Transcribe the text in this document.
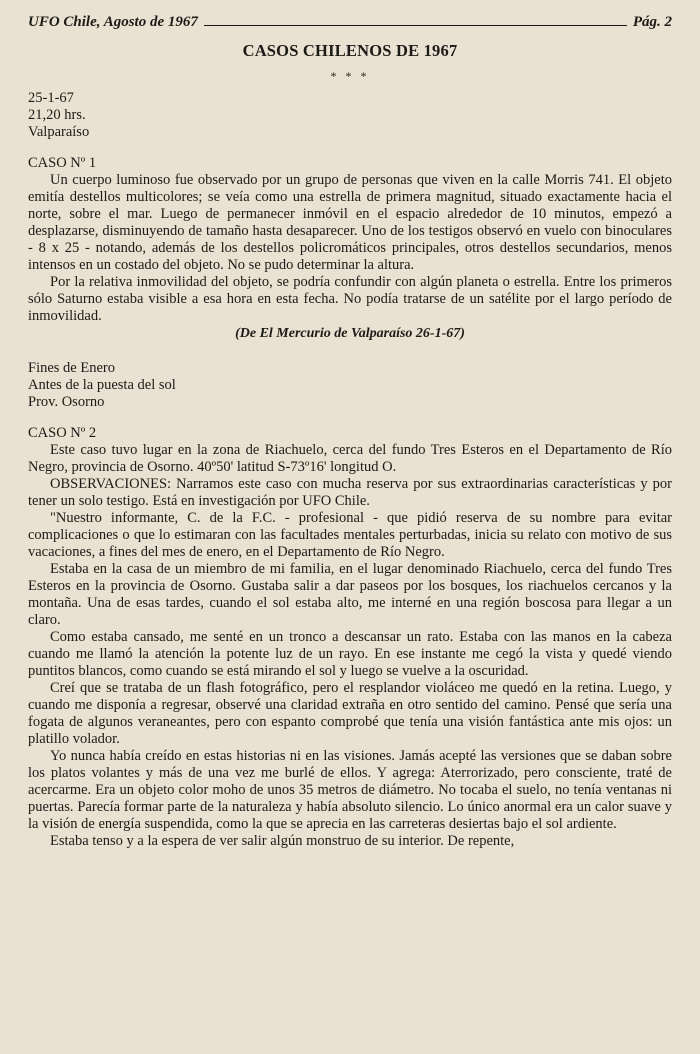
UFO Chile, Agosto de 1967	Pág. 2
CASOS CHILENOS DE 1967
* * *
25-1-67
21,20 hrs.
Valparaíso
CASO Nº 1

Un cuerpo luminoso fue observado por un grupo de personas que viven en la calle Morris 741. El objeto emitía destellos multicolores; se veía como una estrella de primera magnitud, situado exactamente hacia el norte, sobre el mar. Luego de permanecer inmóvil en el espacio alrededor de 10 minutos, empezó a desplazarse, disminuyendo de tamaño hasta desaparecer. Uno de los testigos observó en vuelo con binoculares - 8 x 25 - notando, además de los destellos policromáticos principales, otros destellos secundarios, menos intensos en un costado del objeto. No se pudo determinar la altura.

Por la relativa inmovilidad del objeto, se podría confundir con algún planeta o estrella. Entre los primeros sólo Saturno estaba visible a esa hora en esta fecha. No podía tratarse de un satélite por el largo período de inmovilidad.

(De El Mercurio de Valparaíso 26-1-67)
Fines de Enero
Antes de la puesta del sol
Prov. Osorno
CASO Nº 2

Este caso tuvo lugar en la zona de Riachuelo, cerca del fundo Tres Esteros en el Departamento de Río Negro, provincia de Osorno. 40º50' latitud S-73º16' longitud O.

OBSERVACIONES: Narramos este caso con mucha reserva por sus extraordinarias características y por tener un solo testigo. Está en investigación por UFO Chile.

"Nuestro informante, C. de la F.C. - profesional - que pidió reserva de su nombre para evitar complicaciones o que lo estimaran con las facultades mentales perturbadas, inicia su relato con motivo de sus vacaciones, a fines del mes de enero, en el Departamento de Río Negro.

Estaba en la casa de un miembro de mi familia, en el lugar denominado Riachuelo, cerca del fundo Tres Esteros en la provincia de Osorno. Gustaba salir a dar paseos por los bosques, los riachuelos cercanos y la montaña. Una de esas tardes, cuando el sol estaba alto, me interné en una región boscosa para llegar a un claro.

Como estaba cansado, me senté en un tronco a descansar un rato. Estaba con las manos en la cabeza cuando me llamó la atención la potente luz de un rayo. En ese instante me cegó la vista y quedé viendo puntitos blancos, como cuando se está mirando el sol y luego se vuelve a la oscuridad.

Creí que se trataba de un flash fotográfico, pero el resplandor violáceo me quedó en la retina. Luego, y cuando me disponía a regresar, observé una claridad extraña en otro sentido del camino. Pensé que sería una fogata de algunos veraneantes, pero con espanto comprobé que tenía una visión fantástica ante mis ojos: un platillo volador.

Yo nunca había creído en estas historias ni en las visiones. Jamás acepté las versiones que se daban sobre los platos volantes y más de una vez me burlé de ellos. Y agrega: Aterrorizado, pero consciente, traté de acercarme. Era un objeto color moho de unos 35 metros de diámetro. No tocaba el suelo, no tenía ventanas ni puertas. Parecía formar parte de la naturaleza y había absoluto silencio. Lo único anormal era un calor suave y la visión de energía suspendida, como la que se aprecia en las carreteras desiertas bajo el sol ardiente.

Estaba tenso y a la espera de ver salir algún monstruo de su interior. De repente,
